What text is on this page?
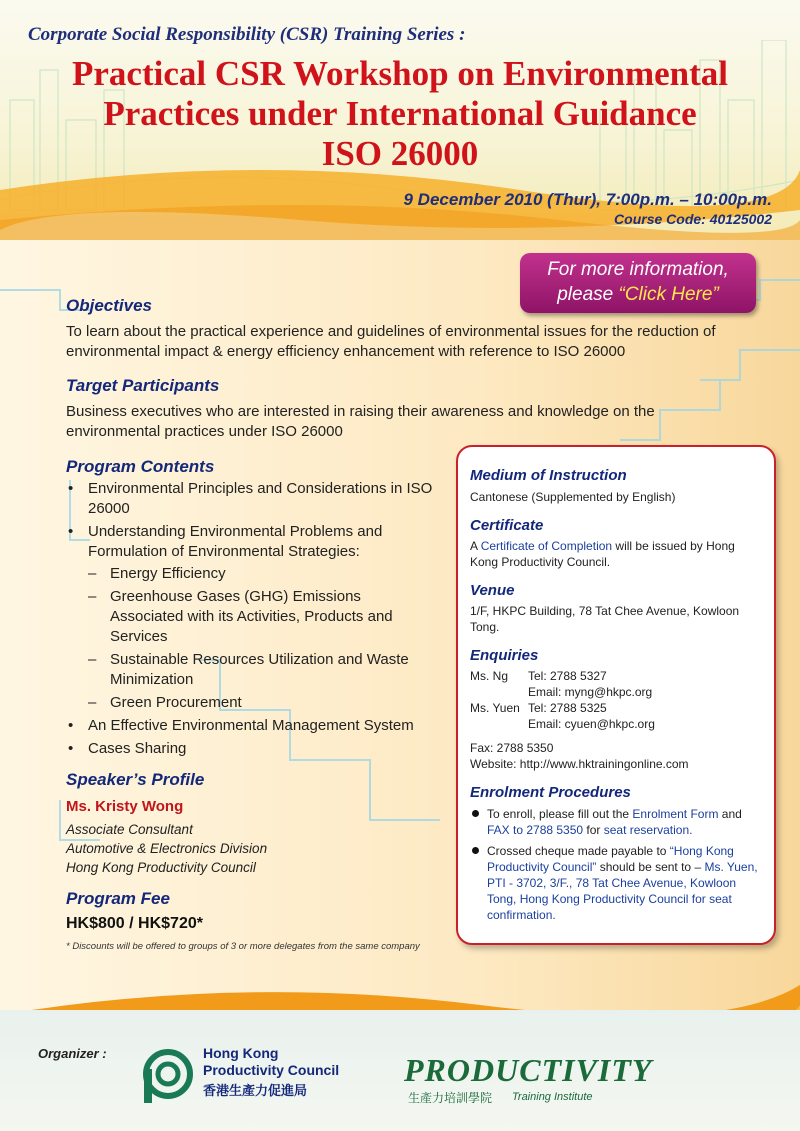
Corporate Social Responsibility (CSR) Training Series :
Practical CSR Workshop on Environmental
Practices under International Guidance
ISO 26000
9 December 2010 (Thur), 7:00p.m. – 10:00p.m.
Course Code: 40125002
For more information,
please “Click Here”
Objectives
To learn about the practical experience and guidelines of environmental issues for the reduction of environmental impact & energy efficiency enhancement with reference to ISO 26000
Target Participants
Business executives who are interested in raising their awareness and knowledge on the environmental practices under ISO 26000
Program Contents
• Environmental Principles and Considerations in ISO 26000
• Understanding Environmental Problems and Formulation of Environmental Strategies:
– Energy Efficiency
– Greenhouse Gases (GHG) Emissions Associated with its Activities, Products and Services
– Sustainable Resources Utilization and Waste Minimization
– Green Procurement
• An Effective Environmental Management System
• Cases Sharing
Speaker’s Profile
Ms. Kristy Wong
Associate Consultant
Automotive & Electronics Division
Hong Kong Productivity Council
Program Fee
HK$800 / HK$720*
* Discounts will be offered to groups of 3 or more delegates from the same company
Medium of Instruction
Cantonese (Supplemented by English)
Certificate
A Certificate of Completion will be issued by Hong Kong Productivity Council.
Venue
1/F, HKPC Building, 78 Tat Chee Avenue, Kowloon Tong.
Enquiries
Ms. Ng	Tel: 2788 5327
	Email: myng@hkpc.org
Ms. Yuen	Tel: 2788 5325
	Email: cyuen@hkpc.org
Fax: 2788 5350
Website: http://www.hktrainingonline.com
Enrolment Procedures
To enroll, please fill out the Enrolment Form and FAX to 2788 5350 for seat reservation.
Crossed cheque made payable to “Hong Kong Productivity Council” should be sent to – Ms. Yuen, PTI - 3702, 3/F., 78 Tat Chee Avenue, Kowloon Tong, Hong Kong Productivity Council for seat confirmation.
Organizer :	Hong Kong
Productivity Council
香港生產力促進局
PRODUCTIVITY
生產力培訓學院 Training Institute
